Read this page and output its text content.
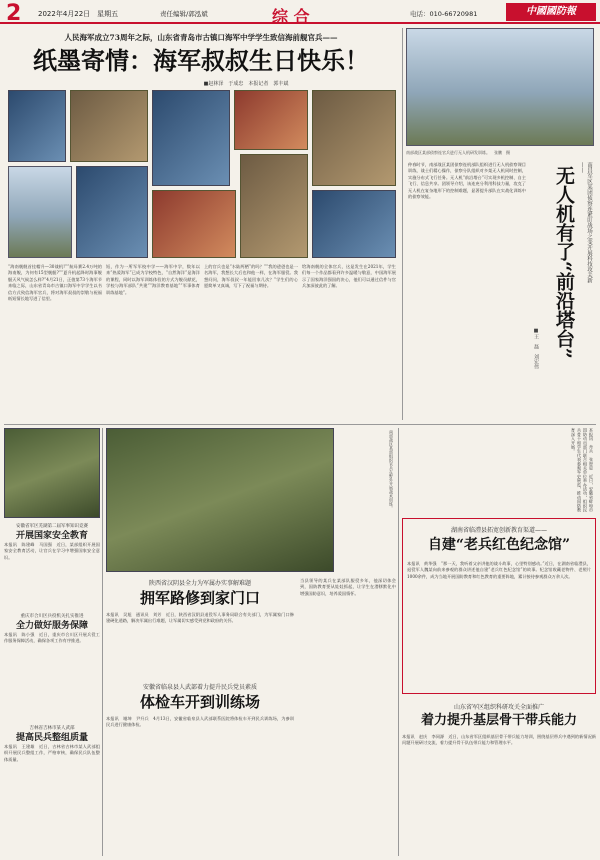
2 2022年4月22日　星期五	责任编辑/郭泓斌	综 合	电话：010-66720981	中國國防報
人民海军成立73周年之际，山东省青岛市古镇口海军中学学生致信海前舰官兵——
纸墨寄情：海军叔叔生日快乐！
■赵林泽　于成忠　本报记者　郭丰斌
“海南舰舰首挂帽升—30战机!”“航母赛2.4万吨的海南舰，为何有15型舰艇?”“夏升机起降时海事舰艇天风气候怎么样?”4月21日，正值第73个海军节来临之际，山东省青岛市古镇口海军中学学生以书信方式致信海军官兵，将对海军叔叔的崇敬与祝福纸短情长地写进了信里。
短，作为一所军军校中学——海军中学，数年以来“热爱海军”已成为学校特色，“自然海洋”是海洋的课程，同时以海军训练体验的方式为舰员献花，学校与海军部队“共建”“海洋教育基地”“军事体育训练基地”。
上的官兵也是“水陆两栖”的吗？”“我的爸爸也是一名海军，我想长大后也和他一样，在海军服役。我想问问，海军叔叔一年能回家几次？”学生们的心愿简单又真诚，写下了祝福与期待。
给海南舰的全体官兵，这是发生在2021年，学生们每一个作品都看到许多温暖与敬意，中国海军展示了国家海洋强国的决心，他们可以通过信件与官兵加深彼此的了解。
南部战区某部侦察连官兵进行无人机研发训练。　张鹏　摄
仲春时节，南部战区某团侦察连机部队组织进行无人机侦察课目训练，战士们精心操作，侦察分队组织对多架无人机同时控制，实施分布式飞行任务。无人机“前沿塔台”可实现多机控制、自主飞行、信息共享。团领导介绍，该连充分利用科技力量，攻克了无人机在复杂地形下的控制难题，显著提升部队在实战化训练中的侦察效能。	南昌军区某团侦察连紧盯战场之变开展科技攻关新——
无人机有了“前沿塔台”
■王　磊　刘宏伟
安徽省军区芜湖第二届军事知识竞赛
开展国家安全教育
本报讯　陈建峰　马国强　近日，某部组织开展国家安全教育活动，让官兵在学习中增强国家安全意识。
重庆市合川区兵役机关扎实推进
全力做好服务保障
本报讯　陈小强　近日，重庆市合川区开展兵役工作服务保障活动，确保各项工作有序推进。
吉林省吉林市某人武部
提高民兵整组质量
本报讯　王建雄　近日，吉林省吉林市某人武部组织开展民兵整组工作，严格审核，确保民兵队伍整体质量。
南部战区某部组织官兵在野外开展战术训练。
陕西省汉阴县全力为军属办实事解难题
拥军路修到家门口
本报讯　吴旭　通讯员　刘芳　近日，陕西省汉阴县退役军人事务局联合有关部门，为军属家门口修建硬化道路，解决军属出行难题，让军属切实感受到党和政府的关怀。
安徽省临泉县人武部着力提升民兵党员素质
体检车开到训练场
本报讯　谢坤　尹升兵　4月13日，安徽省临泉县人武部联系医院将体检车开到民兵训练场，为参训民兵进行健康体检。
当县领导的某兵在某部队服役多年，他深切体会到，国防教育要从娃娃抓起，让学生在潜移默化中增强国防意识，培养爱国情怀。
本报讯　舟兵　张智星　近日，安徽省蚌埠市国防动员部门联合相关单位举办活动，组织民兵骨干和学生代表参观军史展览，推动国防教育深入开展。
湖南省临澧县拓宽创新教育渠道——
自建“老兵红色纪念馆”
本报讯　黄华强　“那一天，我听着父亲讲他的战斗故事，心里特别感动。”近日，在湖南省临澧县，退役军人魏某向前来参观的群众讲述他自建“老兵红色纪念馆”的故事。纪念馆收藏老物件、老照片1000余件，成为当地开展国防教育和红色教育的重要阵地，累计接待参观群众万余人次。
山东省军区组织科研攻关全面推广
着力提升基层骨干带兵能力
本报讯　赵庆　李同源　近日，山东省军区组织基层骨干带兵能力培训，围绕基层带兵中遇到的新情况新问题开展研讨交流，着力提升骨干队伍带兵能力和管理水平。
